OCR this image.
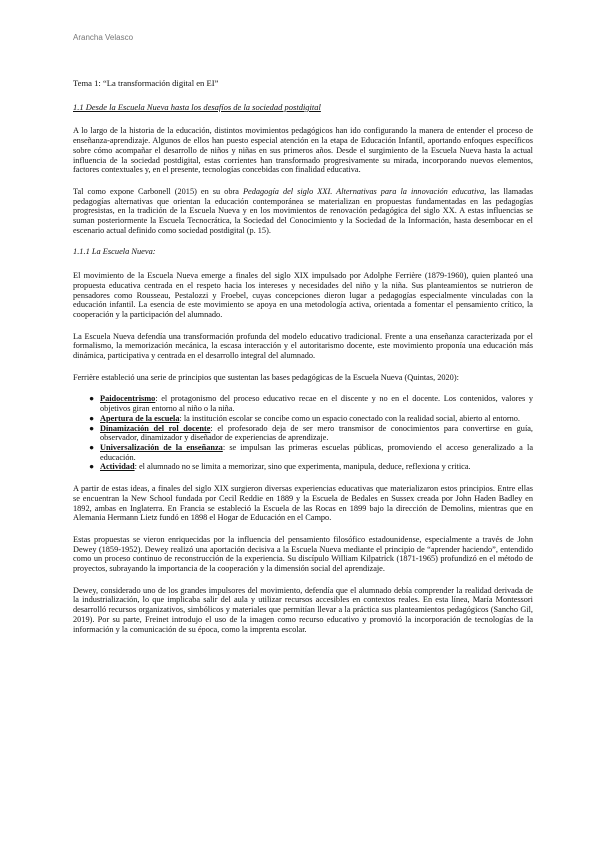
Arancha Velasco

Tema 1: “La transformación digital en EI”

1.1 Desde la Escuela Nueva hasta los desafíos de la sociedad postdigital

A lo largo de la historia de la educación, distintos movimientos pedagógicos han ido configurando la manera de entender el proceso de enseñanza-aprendizaje. Algunos de ellos han puesto especial atención en la etapa de Educación Infantil, aportando enfoques específicos sobre cómo acompañar el desarrollo de niños y niñas en sus primeros años. Desde el surgimiento de la Escuela Nueva hasta la actual influencia de la sociedad postdigital, estas corrientes han transformado progresivamente su mirada, incorporando nuevos elementos, factores contextuales y, en el presente, tecnologías concebidas con finalidad educativa.

Tal como expone Carbonell (2015) en su obra Pedagogía del siglo XXI. Alternativas para la innovación educativa, las llamadas pedagogías alternativas que orientan la educación contemporánea se materializan en propuestas fundamentadas en las pedagogías progresistas, en la tradición de la Escuela Nueva y en los movimientos de renovación pedagógica del siglo XX. A estas influencias se suman posteriormente la Escuela Tecnocrática, la Sociedad del Conocimiento y la Sociedad de la Información, hasta desembocar en el escenario actual definido como sociedad postdigital (p. 15).

1.1.1 La Escuela Nueva:

El movimiento de la Escuela Nueva emerge a finales del siglo XIX impulsado por Adolphe Ferrière (1879-1960), quien planteó una propuesta educativa centrada en el respeto hacia los intereses y necesidades del niño y la niña. Sus planteamientos se nutrieron de pensadores como Rousseau, Pestalozzi y Froebel, cuyas concepciones dieron lugar a pedagogías especialmente vinculadas con la educación infantil. La esencia de este movimiento se apoya en una metodología activa, orientada a fomentar el pensamiento crítico, la cooperación y la participación del alumnado.

La Escuela Nueva defendía una transformación profunda del modelo educativo tradicional. Frente a una enseñanza caracterizada por el formalismo, la memorización mecánica, la escasa interacción y el autoritarismo docente, este movimiento proponía una educación más dinámica, participativa y centrada en el desarrollo integral del alumnado.

Ferrière estableció una serie de principios que sustentan las bases pedagógicas de la Escuela Nueva (Quintas, 2020):

● Paidocentrismo: el protagonismo del proceso educativo recae en el discente y no en el docente. Los contenidos, valores y objetivos giran entorno al niño o la niña.
● Apertura de la escuela: la institución escolar se concibe como un espacio conectado con la realidad social, abierto al entorno.
● Dinamización del rol docente: el profesorado deja de ser mero transmisor de conocimientos para convertirse en guía, observador, dinamizador y diseñador de experiencias de aprendizaje.
● Universalización de la enseñanza: se impulsan las primeras escuelas públicas, promoviendo el acceso generalizado a la educación.
● Actividad: el alumnado no se limita a memorizar, sino que experimenta, manipula, deduce, reflexiona y critica.

A partir de estas ideas, a finales del siglo XIX surgieron diversas experiencias educativas que materializaron estos principios. Entre ellas se encuentran la New School fundada por Cecil Reddie en 1889 y la Escuela de Bedales en Sussex creada por John Haden Badley en 1892, ambas en Inglaterra. En Francia se estableció la Escuela de las Rocas en 1899 bajo la dirección de Demolins, mientras que en Alemania Hermann Lietz fundó en 1898 el Hogar de Educación en el Campo.

Estas propuestas se vieron enriquecidas por la influencia del pensamiento filosófico estadounidense, especialmente a través de John Dewey (1859-1952). Dewey realizó una aportación decisiva a la Escuela Nueva mediante el principio de “aprender haciendo”, entendido como un proceso continuo de reconstrucción de la experiencia. Su discípulo William Kilpatrick (1871-1965) profundizó en el método de proyectos, subrayando la importancia de la cooperación y la dimensión social del aprendizaje.

Dewey, considerado uno de los grandes impulsores del movimiento, defendía que el alumnado debía comprender la realidad derivada de la industrialización, lo que implicaba salir del aula y utilizar recursos accesibles en contextos reales. En esta línea, María Montessori desarrolló recursos organizativos, simbólicos y materiales que permitían llevar a la práctica sus planteamientos pedagógicos (Sancho Gil, 2019). Por su parte, Freinet introdujo el uso de la imagen como recurso educativo y promovió la incorporación de tecnologías de la información y la comunicación de su época, como la imprenta escolar.
